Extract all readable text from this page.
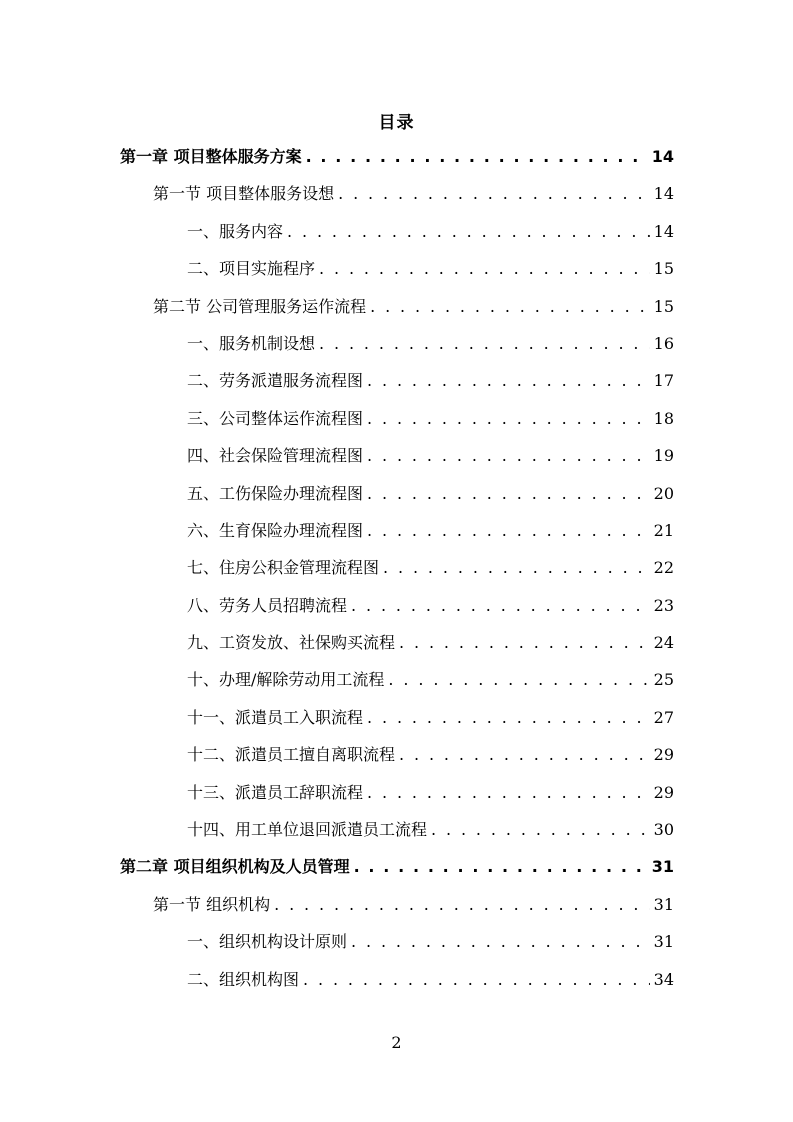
目录
第一章 项目整体服务方案 . . .	14
第一节 项目整体服务设想 . . .	14
一、服务内容 . . .	14
二、项目实施程序 . . .	15
第二节 公司管理服务运作流程 . . .	15
一、服务机制设想 . . .	16
二、劳务派遣服务流程图 . . .	17
三、公司整体运作流程图 . . .	18
四、社会保险管理流程图 . . .	19
五、工伤保险办理流程图 . . .	20
六、生育保险办理流程图 . . .	21
七、住房公积金管理流程图 . . .	22
八、劳务人员招聘流程 . . .	23
九、工资发放、社保购买流程 . . .	24
十、办理/解除劳动用工流程 . . .	25
十一、派遣员工入职流程 . . .	27
十二、派遣员工擅自离职流程 . . .	29
十三、派遣员工辞职流程 . . .	29
十四、用工单位退回派遣员工流程 . . .	30
第二章 项目组织机构及人员管理 . . .	31
第一节 组织机构 . . .	31
一、组织机构设计原则 . . .	31
二、组织机构图 . . .	34
2
